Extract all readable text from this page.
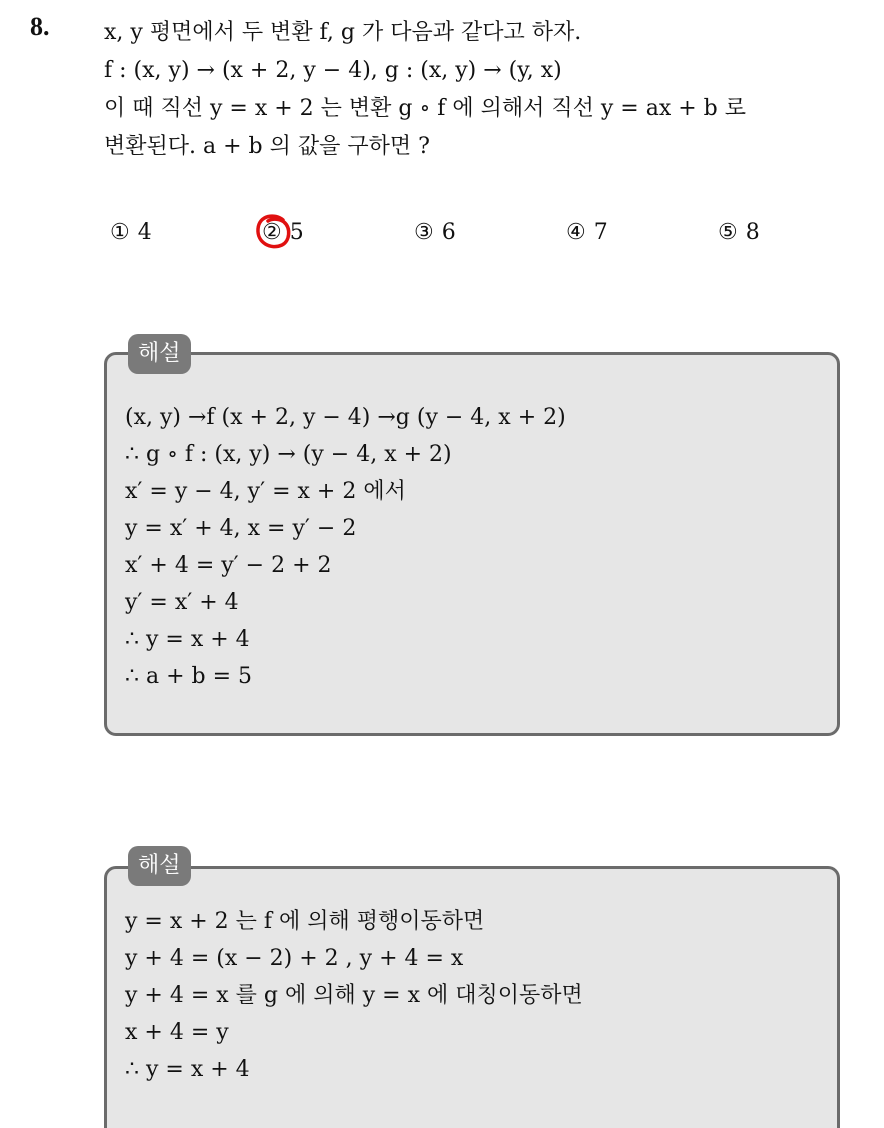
8. x, y 평면에서 두 변환 f, g 가 다음과 같다고 하자.
f : (x, y) → (x + 2, y − 4), g : (x, y) → (y, x)
이 때 직선 y = x + 2 는 변환 g ∘ f 에 의해서 직선 y = ax + b 로
변환된다. a + b 의 값을 구하면 ?
① 4	② 5	③ 6	④ 7	⑤ 8
(x, y) →f (x + 2, y − 4) →g (y − 4, x + 2)
∴ g ∘ f : (x, y) → (y − 4, x + 2)
x′ = y − 4, y′ = x + 2 에서
y = x′ + 4, x = y′ − 2
x′ + 4 = y′ − 2 + 2
y′ = x′ + 4
∴ y = x + 4
∴ a + b = 5
해설
y = x + 2 는 f 에 의해 평행이동하면
y + 4 = (x − 2) + 2 , y + 4 = x
y + 4 = x 를 g 에 의해 y = x 에 대칭이동하면
x + 4 = y
∴ y = x + 4
해설
